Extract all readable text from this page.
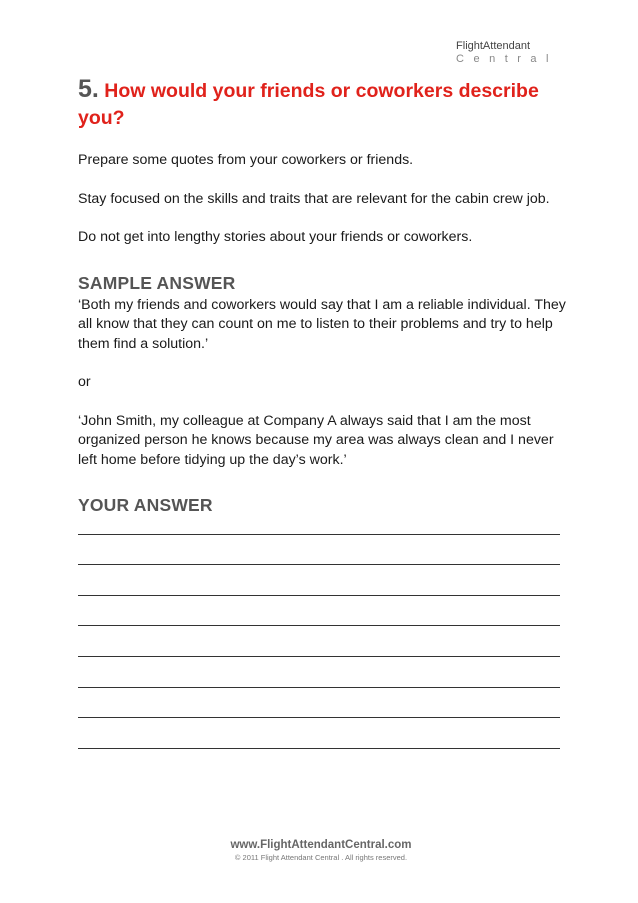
FlightAttendant
Central
5. How would your friends or coworkers describe you?

Prepare some quotes from your coworkers or friends.

Stay focused on the skills and traits that are relevant for the cabin crew job.

Do not get into lengthy stories about your friends or coworkers.

SAMPLE ANSWER

‘Both my friends and coworkers would say that I am a reliable individual. They all know that they can count on me to listen to their problems and try to help them find a solution.’

or

‘John Smith, my colleague at Company A always said that I am the most organized person he knows because my area was always clean and I never left home before tidying up the day’s work.’

YOUR ANSWER
www.FlightAttendantCentral.com
© 2011 Flight Attendant Central . All rights reserved.
